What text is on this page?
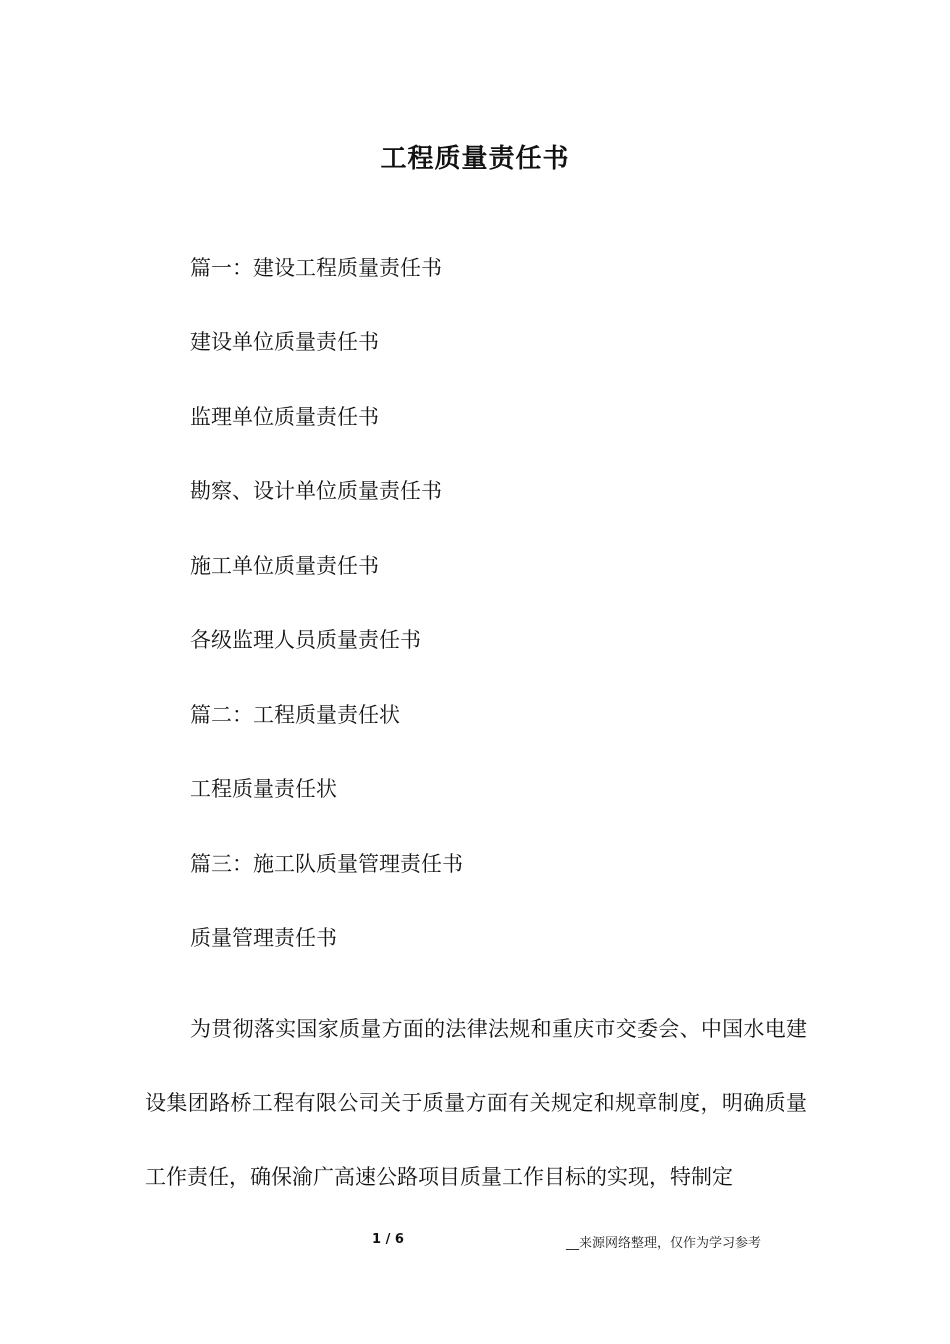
工程质量责任书
篇一：建设工程质量责任书
建设单位质量责任书
监理单位质量责任书
勘察、设计单位质量责任书
施工单位质量责任书
各级监理人员质量责任书
篇二：工程质量责任状
工程质量责任状
篇三：施工队质量管理责任书
质量管理责任书
为贯彻落实国家质量方面的法律法规和重庆市交委会、中国水电建设集团路桥工程有限公司关于质量方面有关规定和规章制度，明确质量工作责任，确保渝广高速公路项目质量工作目标的实现，特制定
1 / 6	__来源网络整理，仅作为学习参考
